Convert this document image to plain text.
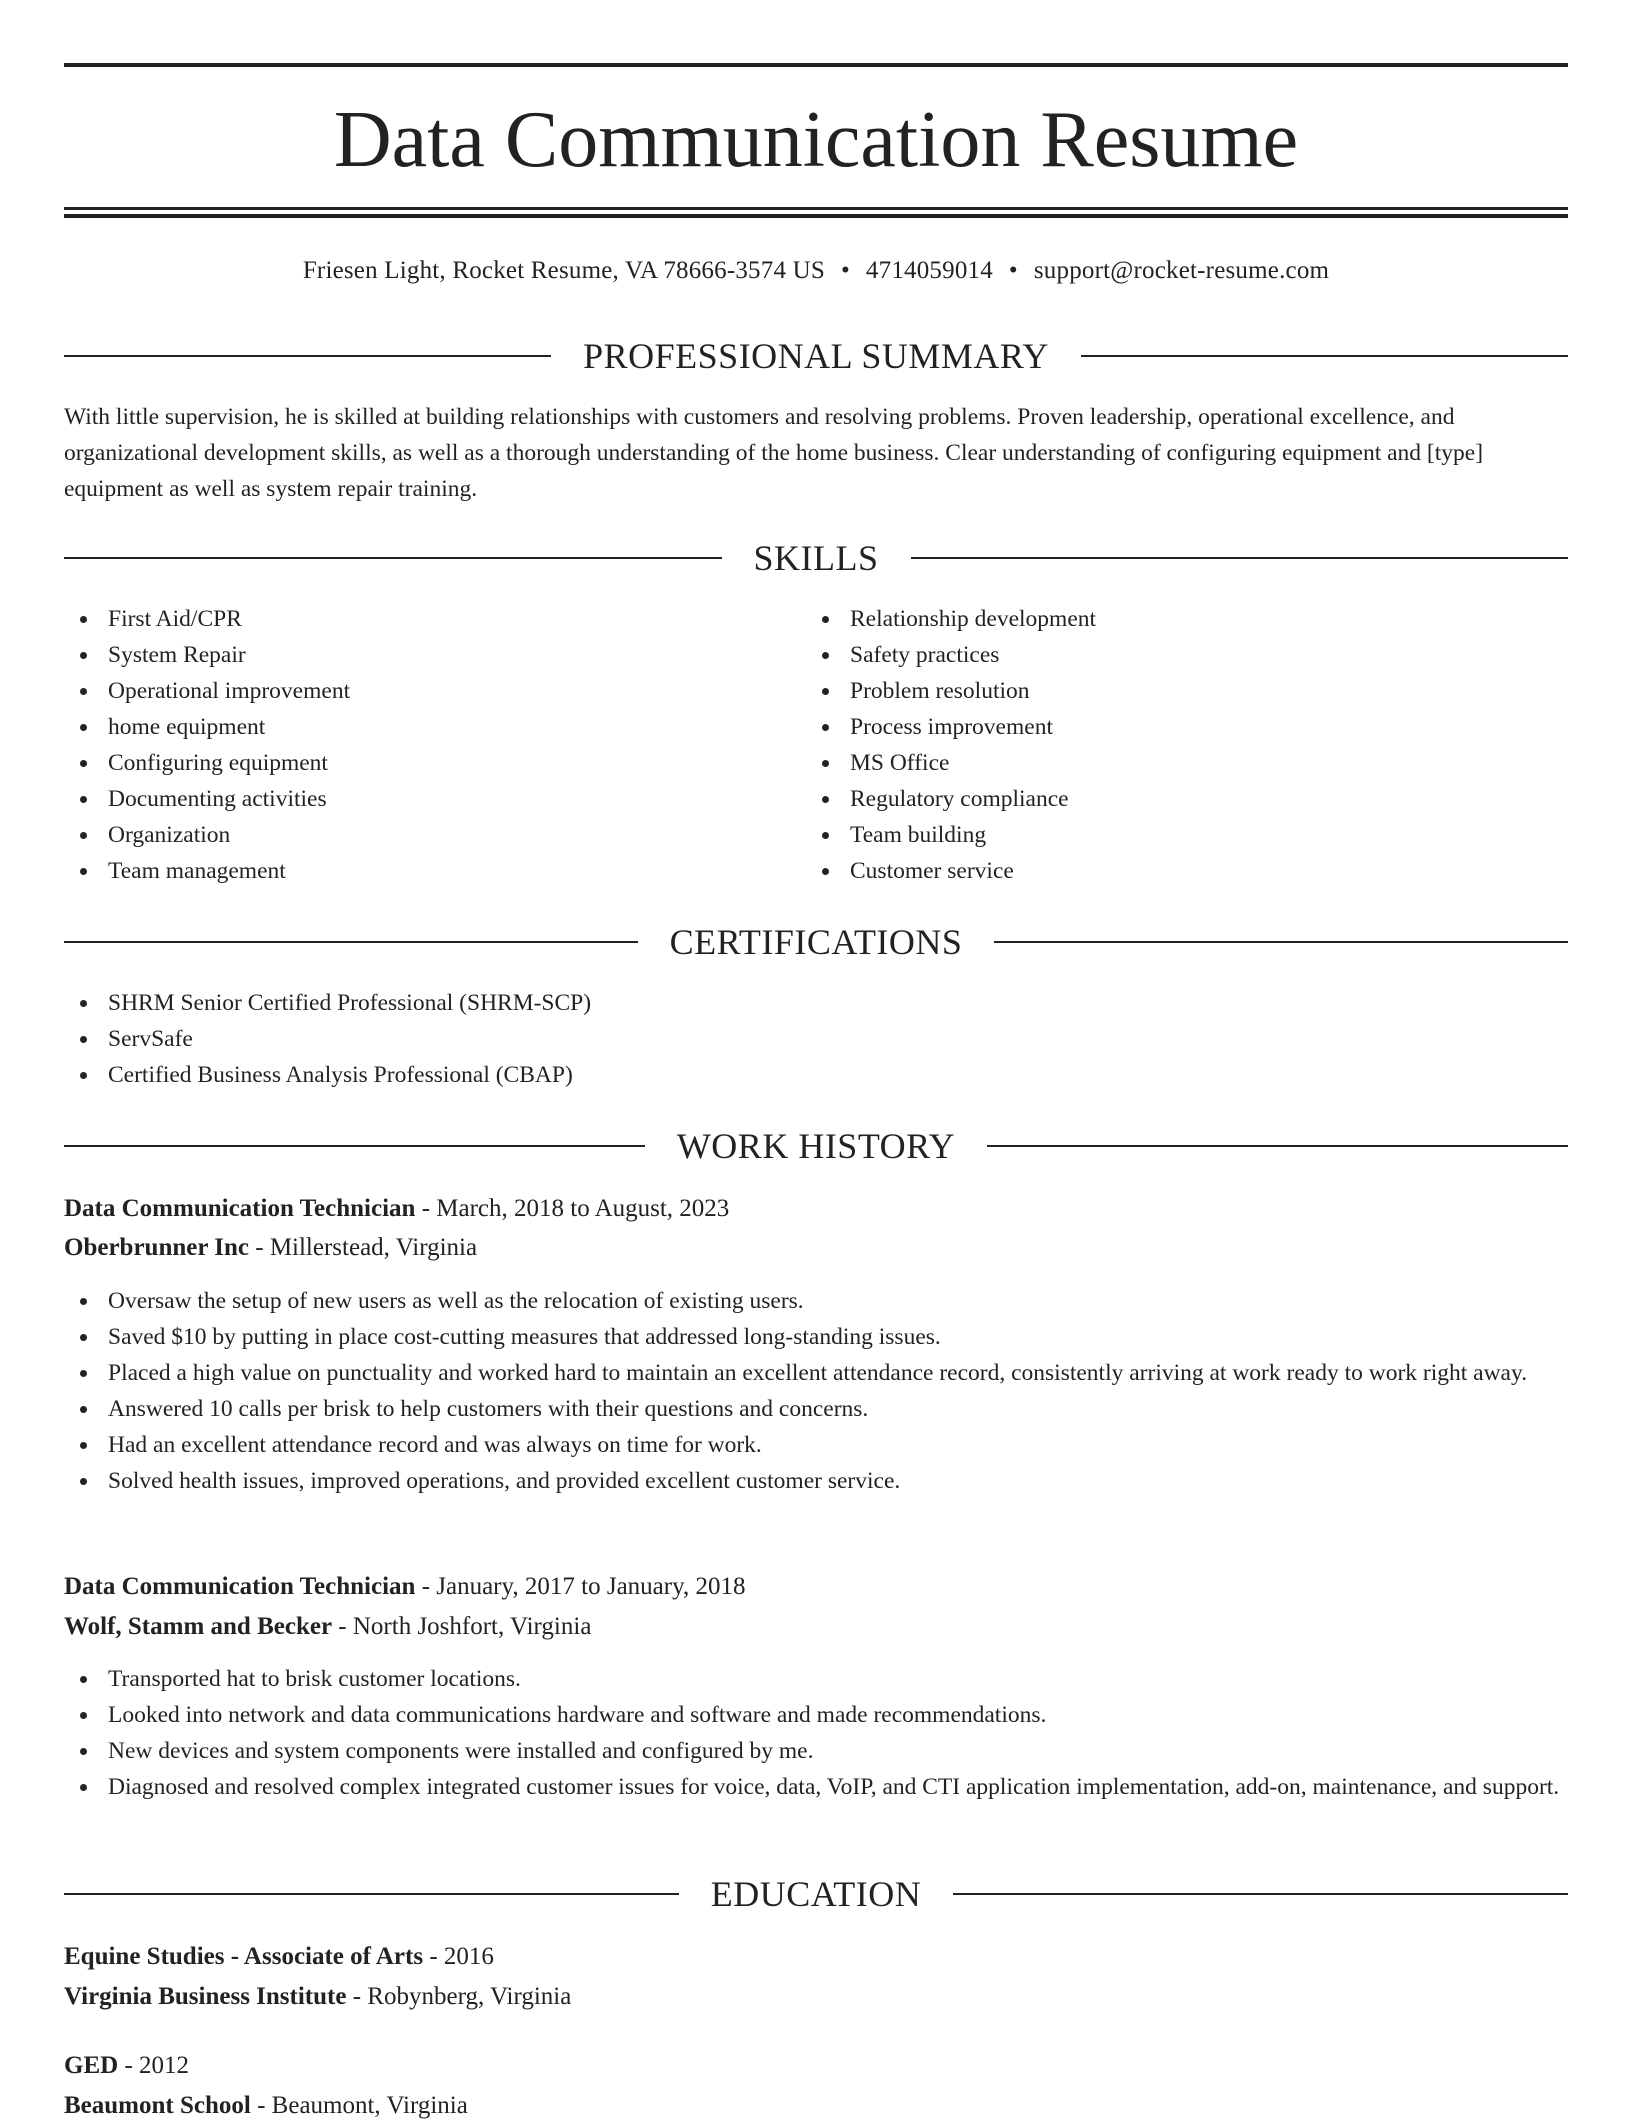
Data Communication Resume
Friesen Light, Rocket Resume, VA 78666-3574 US • 4714059014 • support@rocket-resume.com
PROFESSIONAL SUMMARY

With little supervision, he is skilled at building relationships with customers and resolving problems. Proven leadership, operational excellence, and organizational development skills, as well as a thorough understanding of the home business. Clear understanding of configuring equipment and [type] equipment as well as system repair training.

SKILLS
First Aid/CPR
System Repair
Operational improvement
home equipment
Configuring equipment
Documenting activities
Organization
Team management
Relationship development
Safety practices
Problem resolution
Process improvement
MS Office
Regulatory compliance
Team building
Customer service
CERTIFICATIONS
SHRM Senior Certified Professional (SHRM-SCP)
ServSafe
Certified Business Analysis Professional (CBAP)
WORK HISTORY
Data Communication Technician - March, 2018 to August, 2023
Oberbrunner Inc - Millerstead, Virginia
Oversaw the setup of new users as well as the relocation of existing users.
Saved $10 by putting in place cost-cutting measures that addressed long-standing issues.
Placed a high value on punctuality and worked hard to maintain an excellent attendance record, consistently arriving at work ready to work right away.
Answered 10 calls per brisk to help customers with their questions and concerns.
Had an excellent attendance record and was always on time for work.
Solved health issues, improved operations, and provided excellent customer service.
Data Communication Technician - January, 2017 to January, 2018
Wolf, Stamm and Becker - North Joshfort, Virginia
Transported hat to brisk customer locations.
Looked into network and data communications hardware and software and made recommendations.
New devices and system components were installed and configured by me.
Diagnosed and resolved complex integrated customer issues for voice, data, VoIP, and CTI application implementation, add-on, maintenance, and support.
EDUCATION
Equine Studies - Associate of Arts - 2016
Virginia Business Institute - Robynberg, Virginia
GED - 2012
Beaumont School - Beaumont, Virginia
